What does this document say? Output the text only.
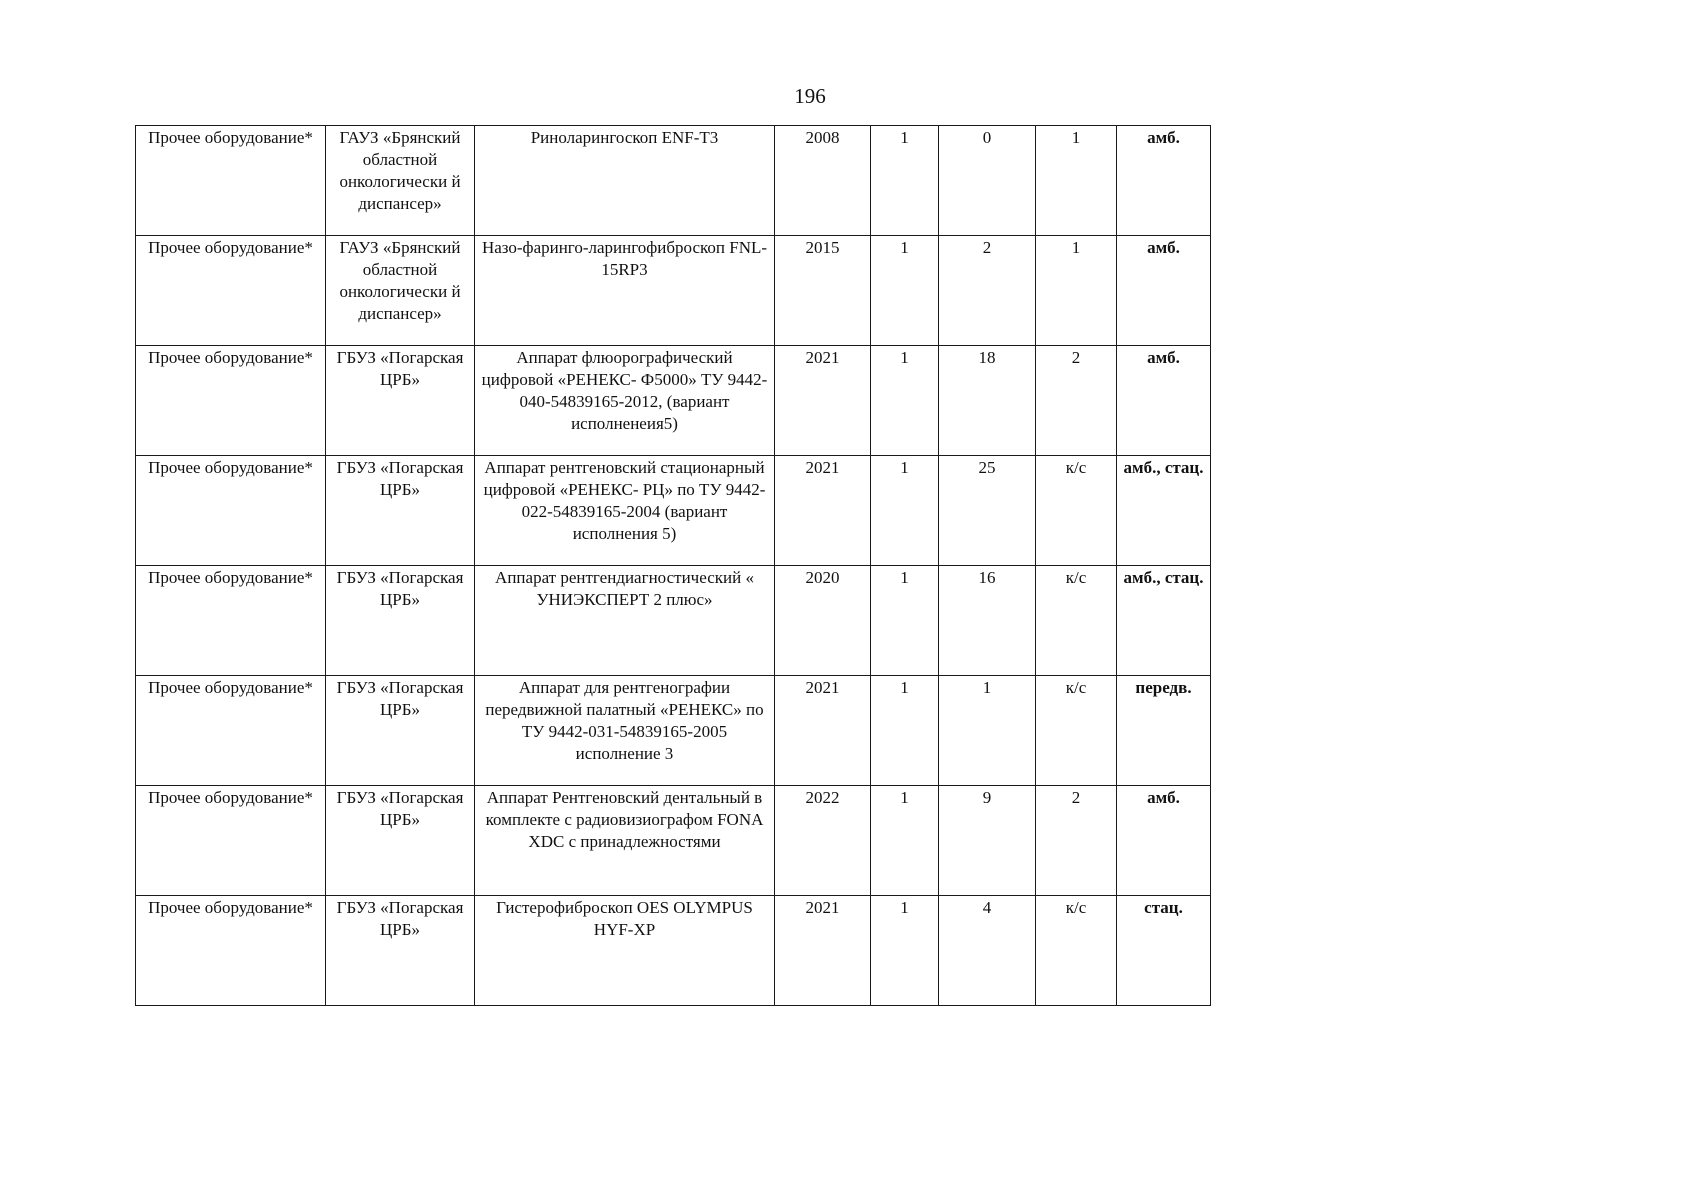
196
Прочее оборудование*	ГАУЗ «Брянский областной онкологически й диспансер»	Риноларингоскоп ENF-T3	2008	1	0	1	амб.
Прочее оборудование*	ГАУЗ «Брянский областной онкологически й диспансер»	Назо-фаринго-ларингофиброскоп FNL-15RP3	2015	1	2	1	амб.
Прочее оборудование*	ГБУЗ «Погарская ЦРБ»	Аппарат флюорографический цифровой «РЕНЕКС- Ф5000» ТУ 9442-040-54839165-2012, (вариант исполненеия5)	2021	1	18	2	амб.
Прочее оборудование*	ГБУЗ «Погарская ЦРБ»	Аппарат рентгеновский стационарный цифровой «РЕНЕКС- РЦ» по ТУ 9442-022-54839165-2004 (вариант исполнения 5)	2021	1	25	к/с	амб., стац.
Прочее оборудование*	ГБУЗ «Погарская ЦРБ»	Аппарат рентгендиагностический « УНИЭКСПЕРТ 2 плюс»	2020	1	16	к/с	амб., стац.
Прочее оборудование*	ГБУЗ «Погарская ЦРБ»	Аппарат для рентгенографии передвижной палатный «РЕНЕКС» по ТУ 9442-031-54839165-2005 исполнение 3	2021	1	1	к/с	передв.
Прочее оборудование*	ГБУЗ «Погарская ЦРБ»	Аппарат Рентгеновский дентальный в комплекте с радиовизиографом FONA XDC с принадлежностями	2022	1	9	2	амб.
Прочее оборудование*	ГБУЗ «Погарская ЦРБ»	Гистерофиброскоп OES OLYMPUS HYF-XP	2021	1	4	к/с	стац.
